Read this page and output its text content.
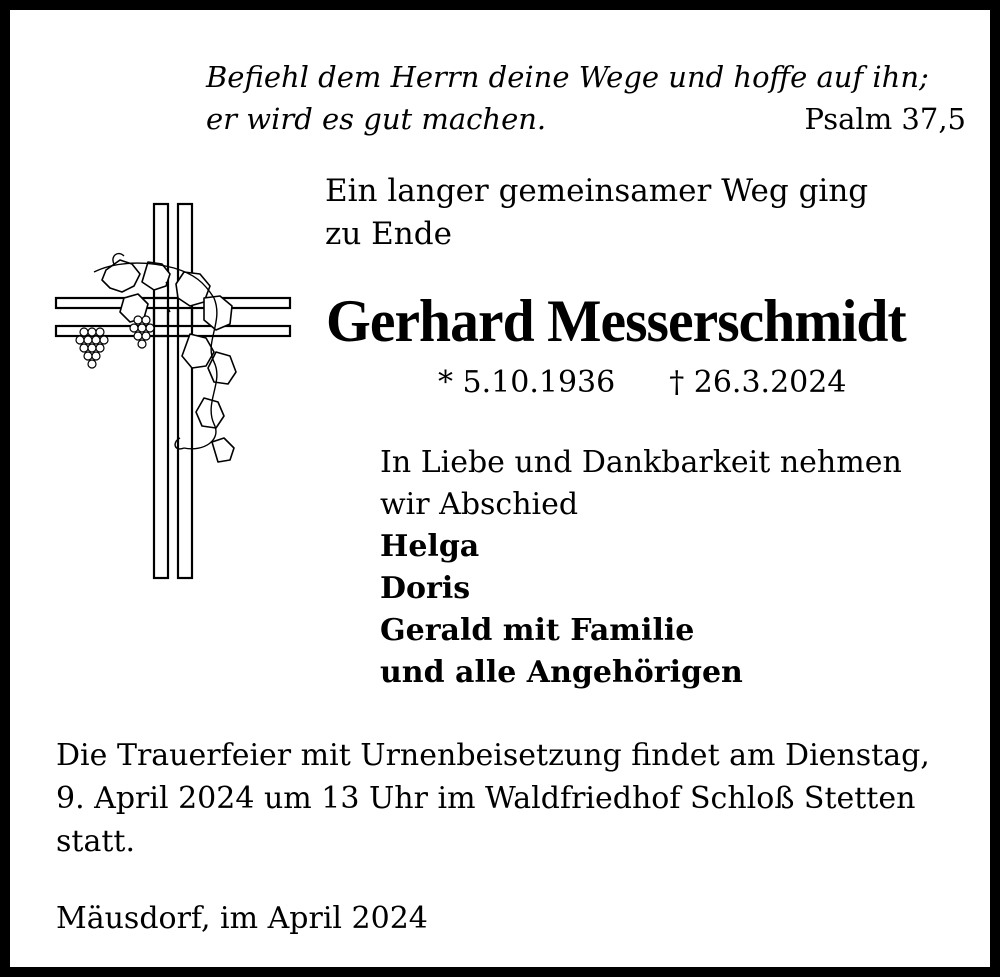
Befiehl dem Herrn deine Wege und hoffe auf ihn;
er wird es gut machen.	Psalm 37,5
Ein langer gemeinsamer Weg ging
zu Ende
Gerhard Messerschmidt
* 5.10.1936 † 26.3.2024
In Liebe und Dankbarkeit nehmen
wir Abschied
Helga
Doris
Gerald mit Familie
und alle Angehörigen
Die Trauerfeier mit Urnenbeisetzung findet am Dienstag,
9. April 2024 um 13 Uhr im Waldfriedhof Schloß Stetten
statt.
Mäusdorf, im April 2024
